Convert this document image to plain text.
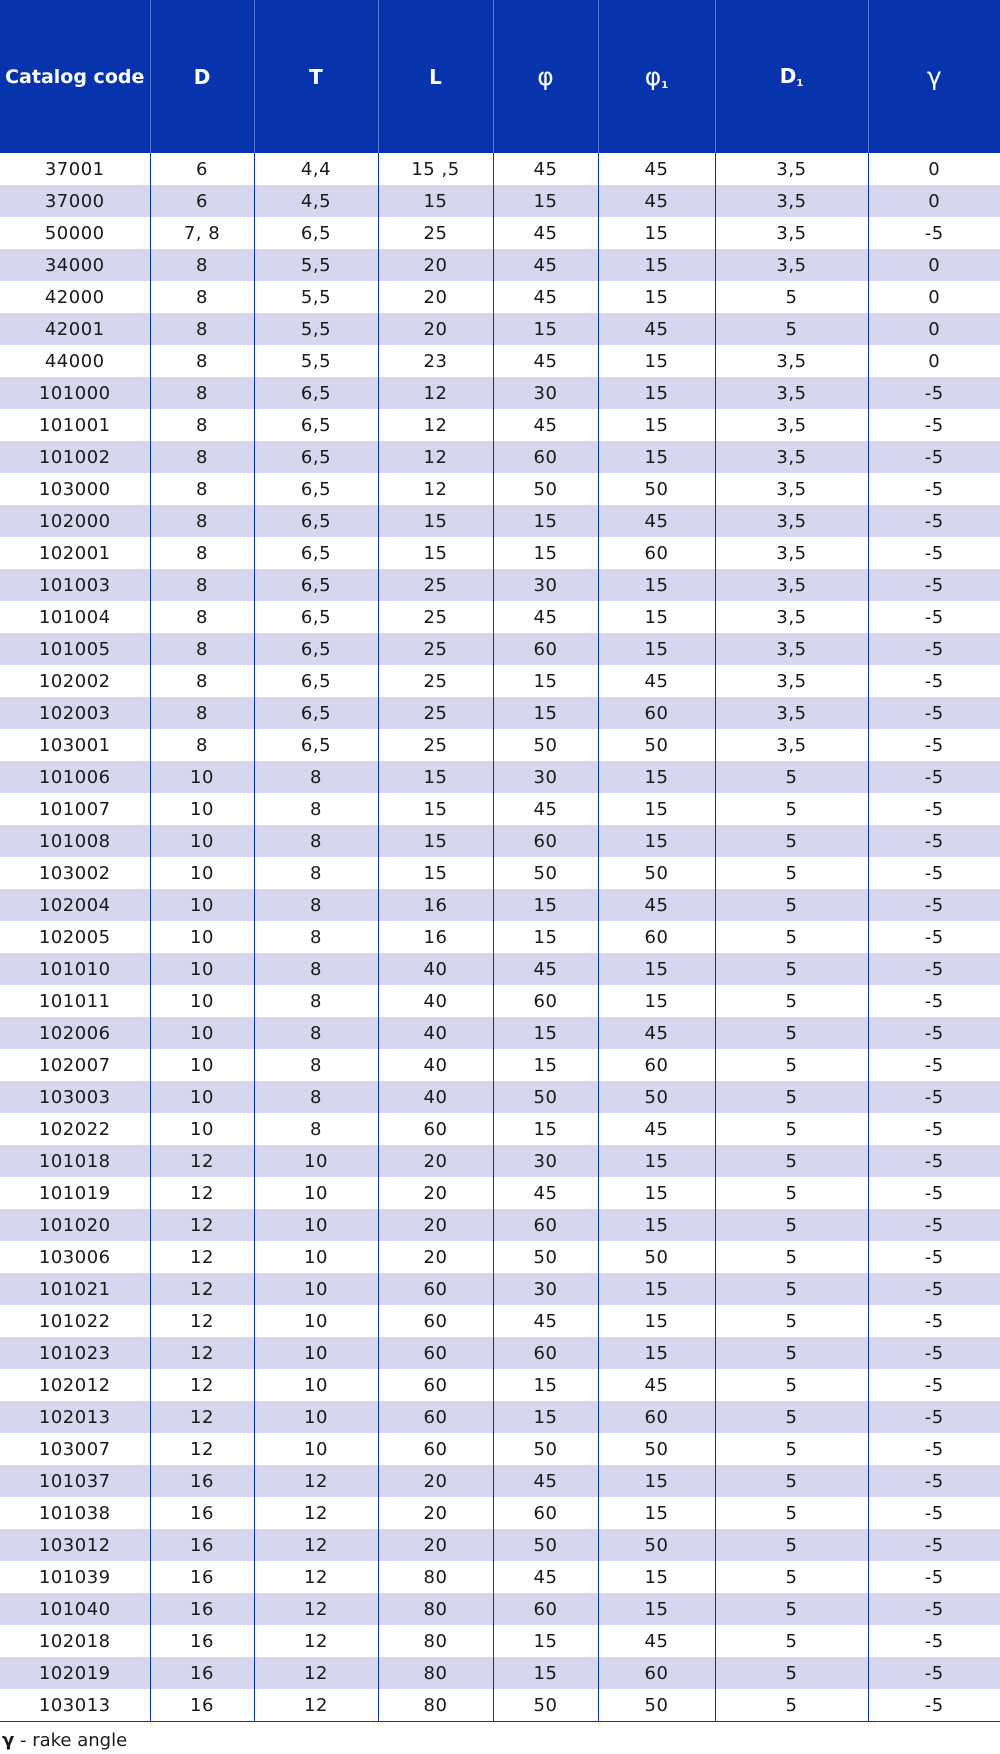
Catalog code	D	T	L	φ	$\varphi_1$	$D_1$	γ
37001	6	4,4	15 ,5	45	45	3,5	0
37000	6	4,5	15	15	45	3,5	0
50000	7, 8	6,5	25	45	15	3,5	-5
34000	8	5,5	20	45	15	3,5	0
42000	8	5,5	20	45	15	5	0
42001	8	5,5	20	15	45	5	0
44000	8	5,5	23	45	15	3,5	0
101000	8	6,5	12	30	15	3,5	-5
101001	8	6,5	12	45	15	3,5	-5
101002	8	6,5	12	60	15	3,5	-5
103000	8	6,5	12	50	50	3,5	-5
102000	8	6,5	15	15	45	3,5	-5
102001	8	6,5	15	15	60	3,5	-5
101003	8	6,5	25	30	15	3,5	-5
101004	8	6,5	25	45	15	3,5	-5
101005	8	6,5	25	60	15	3,5	-5
102002	8	6,5	25	15	45	3,5	-5
102003	8	6,5	25	15	60	3,5	-5
103001	8	6,5	25	50	50	3,5	-5
101006	10	8	15	30	15	5	-5
101007	10	8	15	45	15	5	-5
101008	10	8	15	60	15	5	-5
103002	10	8	15	50	50	5	-5
102004	10	8	16	15	45	5	-5
102005	10	8	16	15	60	5	-5
101010	10	8	40	45	15	5	-5
101011	10	8	40	60	15	5	-5
102006	10	8	40	15	45	5	-5
102007	10	8	40	15	60	5	-5
103003	10	8	40	50	50	5	-5
102022	10	8	60	15	45	5	-5
101018	12	10	20	30	15	5	-5
101019	12	10	20	45	15	5	-5
101020	12	10	20	60	15	5	-5
103006	12	10	20	50	50	5	-5
101021	12	10	60	30	15	5	-5
101022	12	10	60	45	15	5	-5
101023	12	10	60	60	15	5	-5
102012	12	10	60	15	45	5	-5
102013	12	10	60	15	60	5	-5
103007	12	10	60	50	50	5	-5
101037	16	12	20	45	15	5	-5
101038	16	12	20	60	15	5	-5
103012	16	12	20	50	50	5	-5
101039	16	12	80	45	15	5	-5
101040	16	12	80	60	15	5	-5
102018	16	12	80	15	45	5	-5
102019	16	12	80	15	60	5	-5
103013	16	12	80	50	50	5	-5
γ - rake angle
